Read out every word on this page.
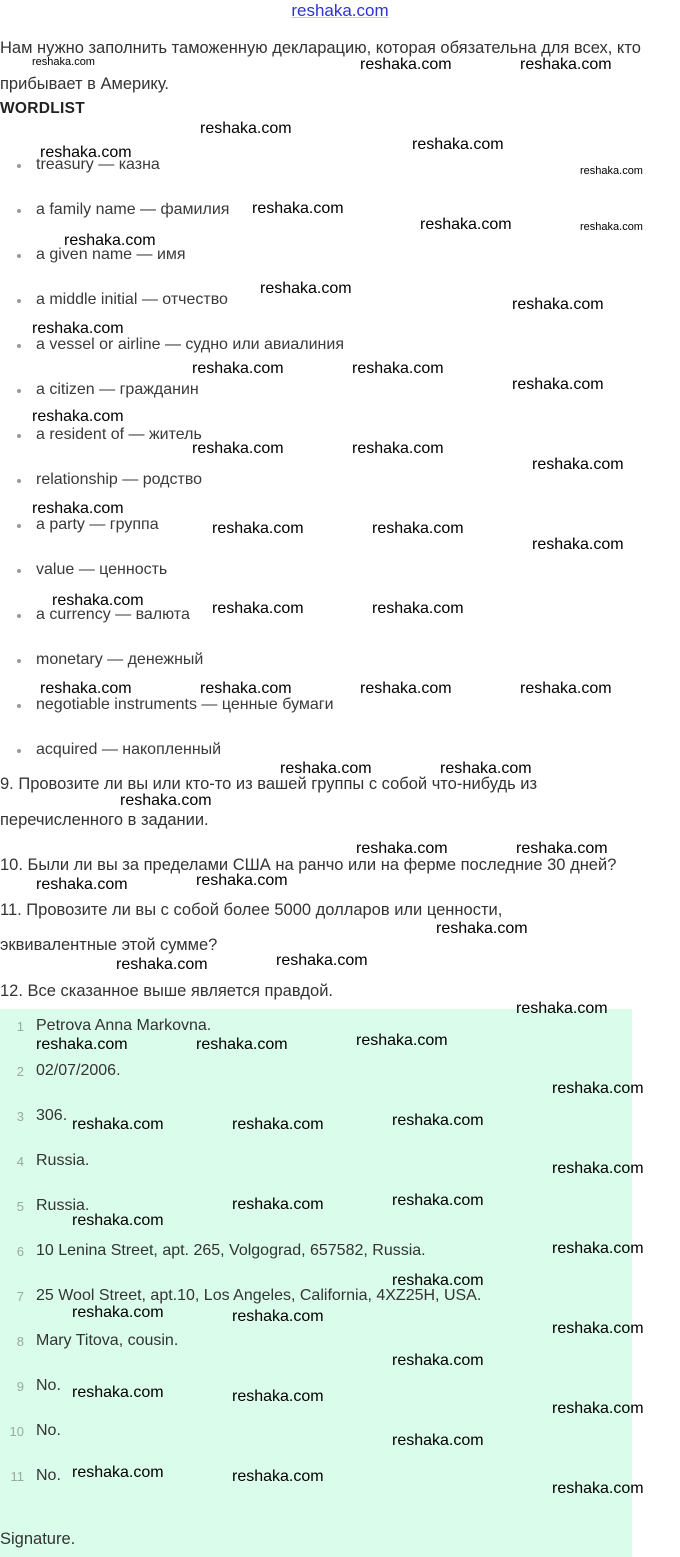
reshaka.com
Нам нужно заполнить таможенную декларацию, которая обязательна для всех, кто прибывает в Америку.
WORDLIST
treasury — казна
a family name — фамилия
a given name — имя
a middle initial — отчество
a vessel or airline — судно или авиалиния
a citizen — гражданин
a resident of — житель
relationship — родство
a party — группа
value — ценность
a currency — валюта
monetary — денежный
negotiable instruments — ценные бумаги
acquired — накопленный
9. Провозите ли вы или кто-то из вашей группы с собой что-нибудь из
перечисленного в задании.
10. Были ли вы за пределами США на ранчо или на ферме последние 30 дней?
11. Провозите ли вы с собой более 5000 долларов или ценности,
эквивалентные этой сумме?
12. Все сказанное выше является правдой.
1 Petrova Anna Markovna.
2 02/07/2006.
3 306.
4 Russia.
5 Russia.
6 10 Lenina Street, apt. 265, Volgograd, 657582, Russia.
7 25 Wool Street, apt.10, Los Angeles, California, 4XZ25H, USA.
8 Mary Titova, cousin.
9 No.
10 No.
11 No.
Signature.
reshaka.com	reshaka.com	reshaka.com
reshaka.com
reshaka.com
reshaka.com
reshaka.com
reshaka.com
reshaka.com	reshaka.com
reshaka.com
reshaka.com
reshaka.com
reshaka.com
reshaka.com	reshaka.com
reshaka.com
reshaka.com
reshaka.com	reshaka.com
reshaka.com
reshaka.com
reshaka.com	reshaka.com
reshaka.com
reshaka.com	reshaka.com	reshaka.com
reshaka.com	reshaka.com	reshaka.com	reshaka.com
reshaka.com	reshaka.com
reshaka.com
reshaka.com	reshaka.com
reshaka.com	reshaka.com
reshaka.com
reshaka.com	reshaka.com
reshaka.com
reshaka.com	reshaka.com	reshaka.com
reshaka.com
reshaka.com	reshaka.com	reshaka.com
reshaka.com
reshaka.com	reshaka.com
reshaka.com
reshaka.com
reshaka.com
reshaka.com	reshaka.com
reshaka.com
reshaka.com
reshaka.com	reshaka.com
reshaka.com
reshaka.com
reshaka.com	reshaka.com
reshaka.com
